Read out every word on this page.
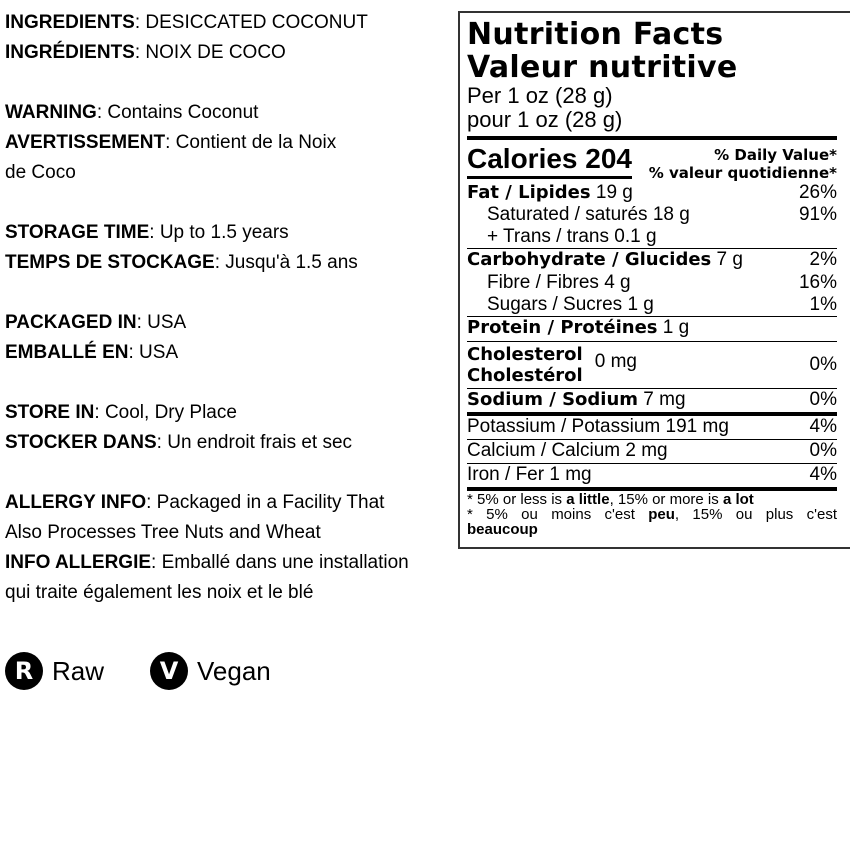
INGREDIENTS: DESICCATED COCONUT
INGRÉDIENTS: NOIX DE COCO
WARNING: Contains Coconut
AVERTISSEMENT: Contient de la Noix
de Coco
STORAGE TIME: Up to 1.5 years
TEMPS DE STOCKAGE: Jusqu'à 1.5 ans
PACKAGED IN: USA
EMBALLÉ EN: USA
STORE IN: Cool, Dry Place
STOCKER DANS: Un endroit frais et sec
ALLERGY INFO: Packaged in a Facility That
Also Processes Tree Nuts and Wheat
INFO ALLERGIE: Emballé dans une installation
qui traite également les noix et le blé
R Raw	V Vegan
Nutrition Facts
Valeur nutritive
Per 1 oz (28 g)
pour 1 oz (28 g)
Calories 204	% Daily Value*
% valeur quotidienne*
Fat / Lipides 19 g	26%
Saturated / saturés 18 g	91%
+ Trans / trans 0.1 g
Carbohydrate / Glucides 7 g	2%
Fibre / Fibres 4 g	16%
Sugars / Sucres 1 g	1%
Protein / Protéines 1 g
Cholesterol
Cholestérol
0 mg	0%
Sodium / Sodium 7 mg	0%
Potassium / Potassium 191 mg	4%
Calcium / Calcium 2 mg	0%
Iron / Fer 1 mg	4%
* 5% or less is a little, 15% or more is a lot
* 5% ou moins c'est peu, 15% ou plus c'est
beaucoup
